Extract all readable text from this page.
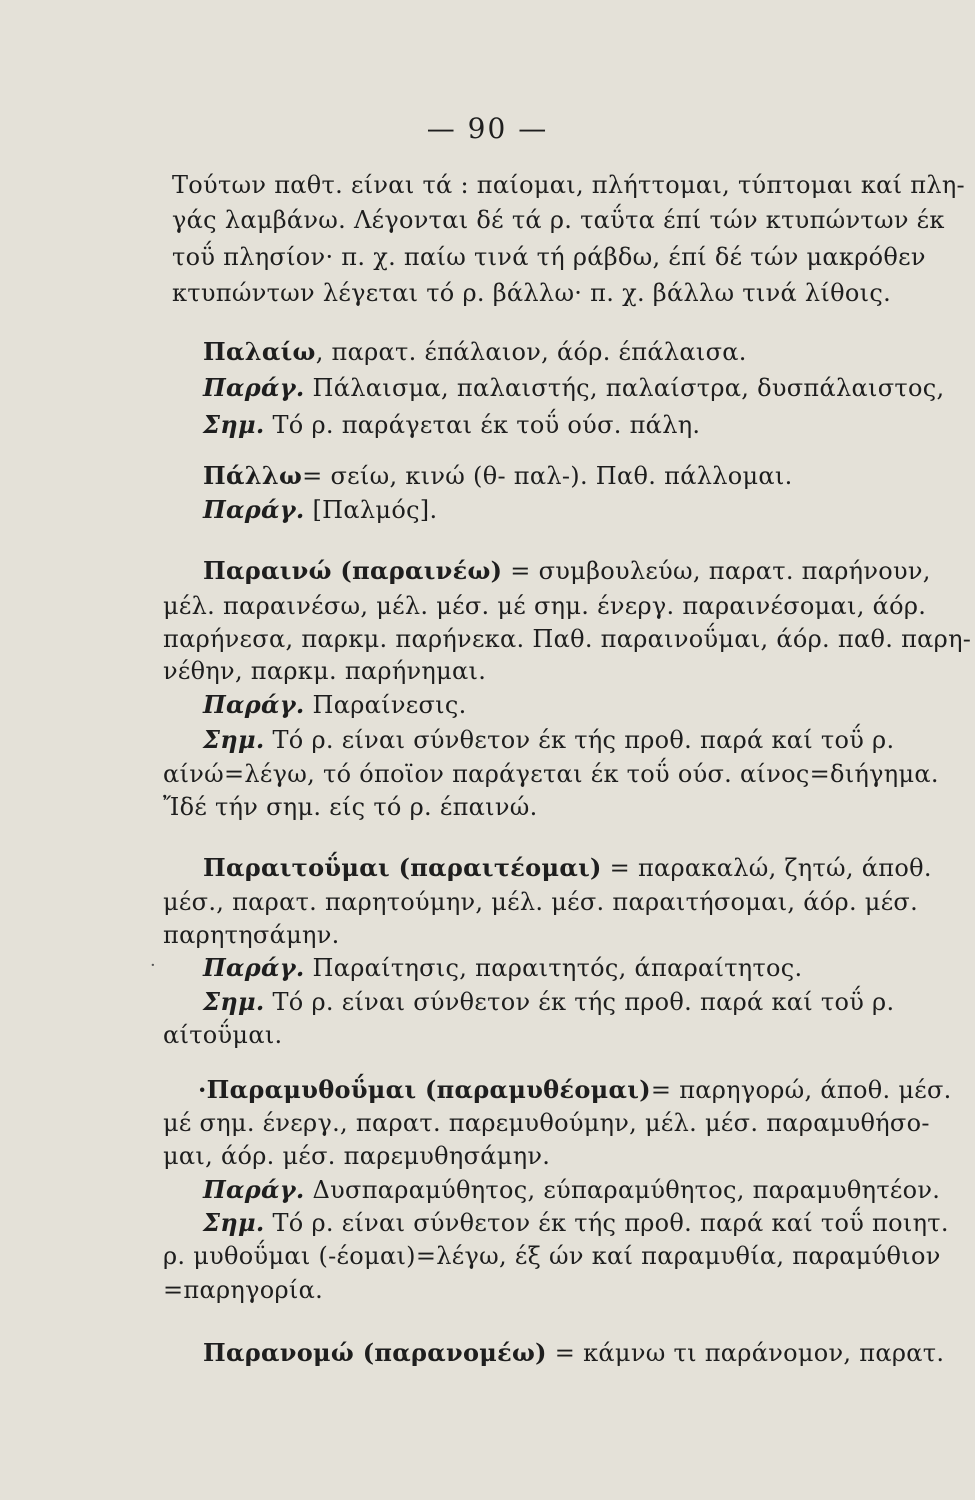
— 90 —
Τούτων παθτ. είναι τά : παίομαι, πλήττομαι, τύπτομαι καί πλη-
γάς λαμβάνω. Λέγονται δέ τά ρ. ταΰτα έπί τών κτυπώντων έκ
τοΰ πλησίον· π. χ. παίω τινά τή ράβδω, έπί δέ τών μακρόθεν
κτυπώντων λέγεται τό ρ. βάλλω· π. χ. βάλλω τινά λίθοις.
Παλαίω, παρατ. έπάλαιον, άόρ. έπάλαισα.
Παράγ. Πάλαισμα, παλαιστής, παλαίστρα, δυσπάλαιστος,
Σημ. Τό ρ. παράγεται έκ τοΰ ούσ. πάλη.
Πάλλω= σείω, κινώ (θ- παλ-). Παθ. πάλλομαι.
Παράγ. [Παλμός].
Παραινώ (παραινέω) = συμβουλεύω, παρατ. παρήνουν,
μέλ. παραινέσω, μέλ. μέσ. μέ σημ. ένεργ. παραινέσομαι, άόρ.
παρήνεσα, παρκμ. παρήνεκα. Παθ. παραινοΰμαι, άόρ. παθ. παρη-
νέθην, παρκμ. παρήνημαι.
Παράγ. Παραίνεσις.
Σημ. Τό ρ. είναι σύνθετον έκ τής προθ. παρά καί τοΰ ρ.
αίνώ=λέγω, τό όποϊον παράγεται έκ τοΰ ούσ. αίνος=διήγημα.
Ἴδέ τήν σημ. είς τό ρ. έπαινώ.
Παραιτοΰμαι (παραιτέομαι) = παρακαλώ, ζητώ, άποθ.
μέσ., παρατ. παρητούμην, μέλ. μέσ. παραιτήσομαι, άόρ. μέσ.
παρητησάμην.
· Παράγ. Παραίτησις, παραιτητός, άπαραίτητος.
Σημ. Τό ρ. είναι σύνθετον έκ τής προθ. παρά καί τοΰ ρ.
αίτοΰμαι.
·Παραμυθοΰμαι (παραμυθέομαι)= παρηγορώ, άποθ. μέσ.
μέ σημ. ένεργ., παρατ. παρεμυθούμην, μέλ. μέσ. παραμυθήσο-
μαι, άόρ. μέσ. παρεμυθησάμην.
Παράγ. Δυσπαραμύθητος, εύπαραμύθητος, παραμυθητέον.
Σημ. Τό ρ. είναι σύνθετον έκ τής προθ. παρά καί τοΰ ποιητ.
ρ. μυθοΰμαι (-έομαι)=λέγω, έξ ών καί παραμυθία, παραμύθιον
=παρηγορία.
Παρανομώ (παρανομέω) = κάμνω τι παράνομον, παρατ.
